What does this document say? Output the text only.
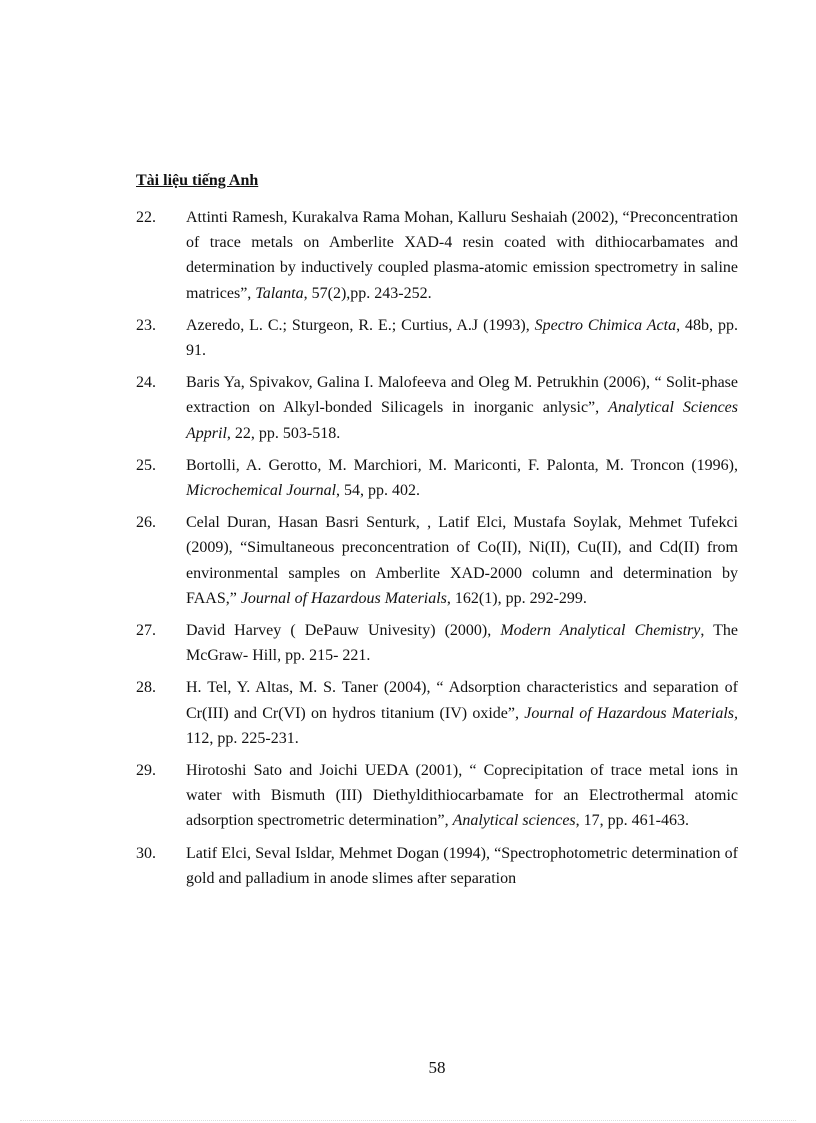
Tài liệu tiếng Anh
22. Attinti Ramesh, Kurakalva Rama Mohan, Kalluru Seshaiah (2002), “Preconcentration of trace metals on Amberlite XAD-4 resin coated with dithiocarbamates and determination by inductively coupled plasma-atomic emission spectrometry in saline matrices”, Talanta, 57(2),pp. 243-252.
23. Azeredo, L. C.; Sturgeon, R. E.; Curtius, A.J (1993), Spectro Chimica Acta, 48b, pp. 91.
24. Baris Ya, Spivakov, Galina I. Malofeeva and Oleg M. Petrukhin (2006), “ Solit-phase extraction on Alkyl-bonded Silicagels in inorganic anlysic”, Analytical Sciences Appril, 22, pp. 503-518.
25. Bortolli, A. Gerotto, M. Marchiori, M. Mariconti, F. Palonta, M. Troncon (1996), Microchemical Journal, 54, pp. 402.
26. Celal Duran, Hasan Basri Senturk, , Latif Elci, Mustafa Soylak, Mehmet Tufekci (2009), “Simultaneous preconcentration of Co(II), Ni(II), Cu(II), and Cd(II) from environmental samples on Amberlite XAD-2000 column and determination by FAAS,” Journal of Hazardous Materials, 162(1), pp. 292-299.
27. David Harvey ( DePauw Univesity) (2000), Modern Analytical Chemistry, The McGraw- Hill, pp. 215- 221.
28. H. Tel, Y. Altas, M. S. Taner (2004), “ Adsorption characteristics and separation of Cr(III) and Cr(VI) on hydros titanium (IV) oxide”, Journal of Hazardous Materials, 112, pp. 225-231.
29. Hirotoshi Sato and Joichi UEDA (2001), “ Coprecipitation of trace metal ions in water with Bismuth (III) Diethyldithiocarbamate for an Electrothermal atomic adsorption spectrometric determination”, Analytical sciences, 17, pp. 461-463.
30. Latif Elci, Seval Isldar, Mehmet Dogan (1994), “Spectrophotometric determination of gold and palladium in anode slimes after separation
58
